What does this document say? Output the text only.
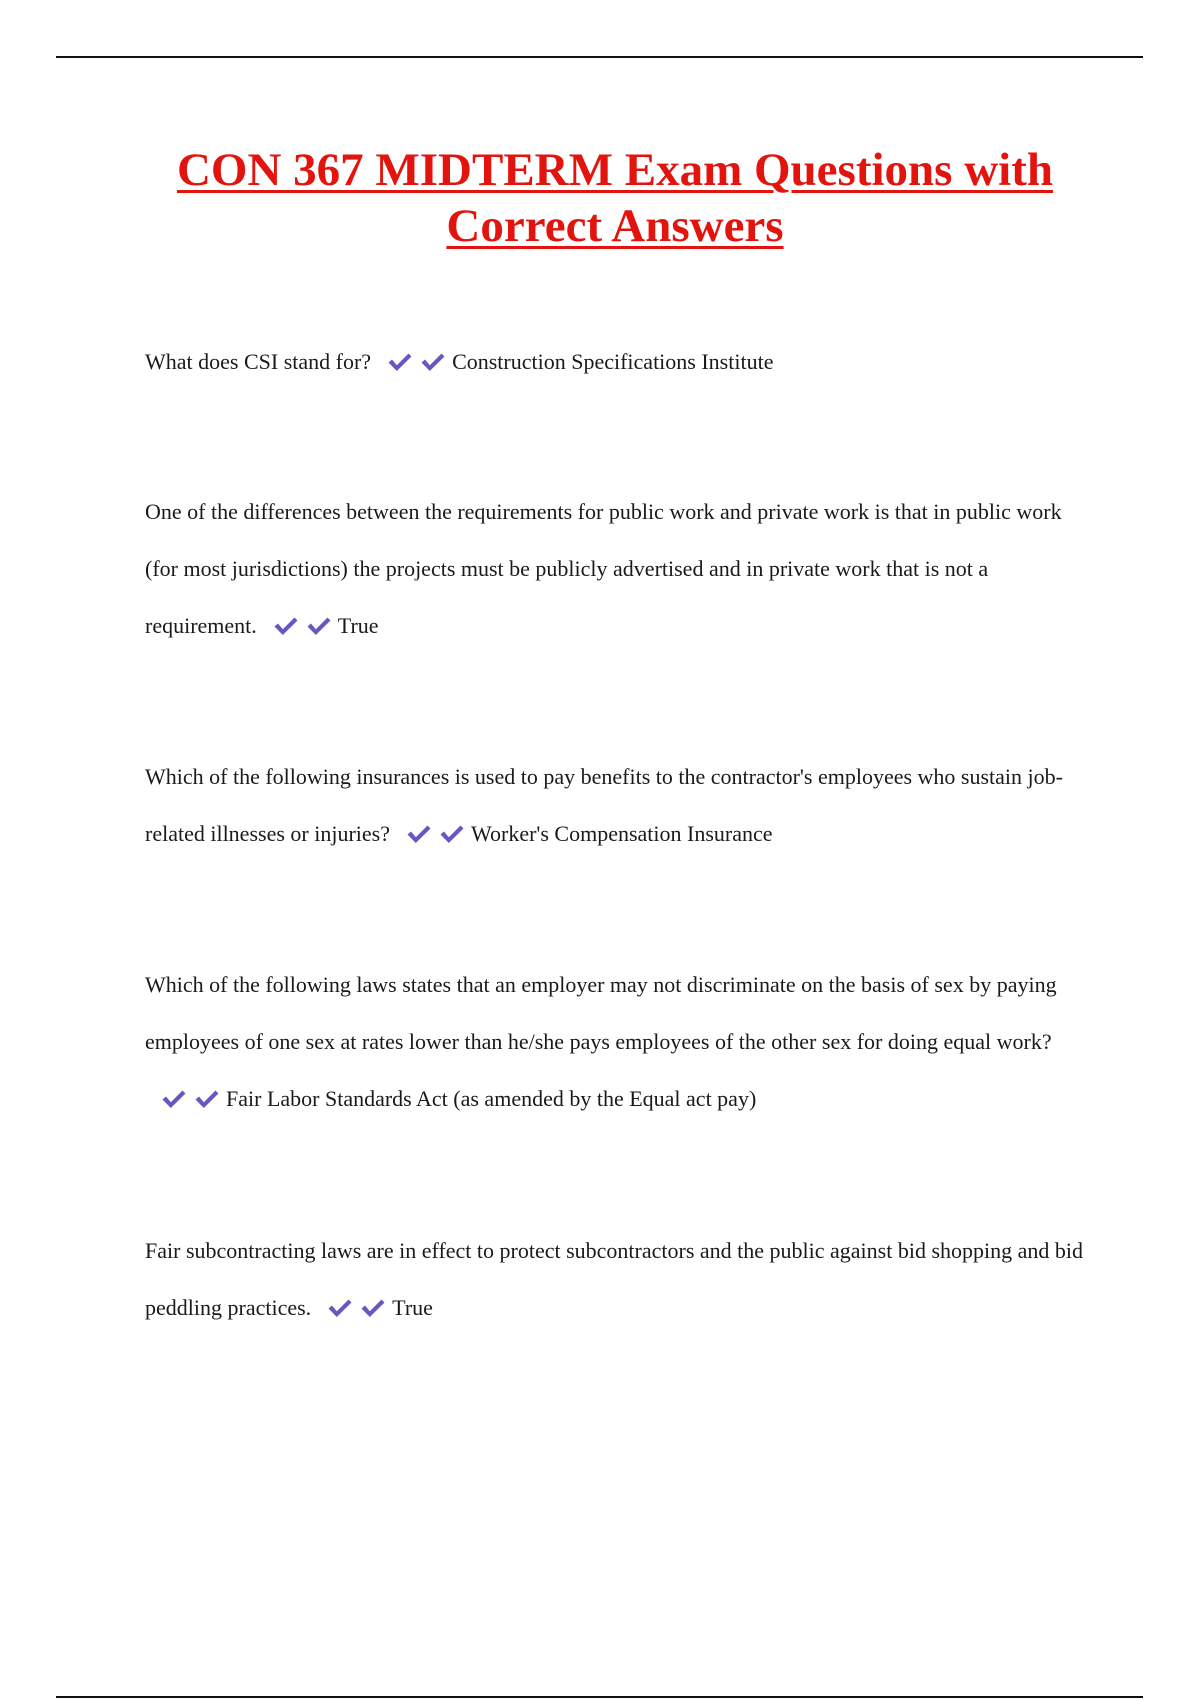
CON 367 MIDTERM Exam Questions with
Correct Answers

What does CSI stand for?	Construction Specifications Institute

One of the differences between the requirements for public work and private work is that in public work (for most jurisdictions) the projects must be publicly advertised and in private work that is not a requirement.	True

Which of the following insurances is used to pay benefits to the contractor's employees who sustain job-related illnesses or injuries?	Worker's Compensation Insurance

Which of the following laws states that an employer may not discriminate on the basis of sex by paying employees of one sex at rates lower than he/she pays employees of the other sex for doing equal work?
Fair Labor Standards Act (as amended by the Equal act pay)

Fair subcontracting laws are in effect to protect subcontractors and the public against bid shopping and bid peddling practices.	True
